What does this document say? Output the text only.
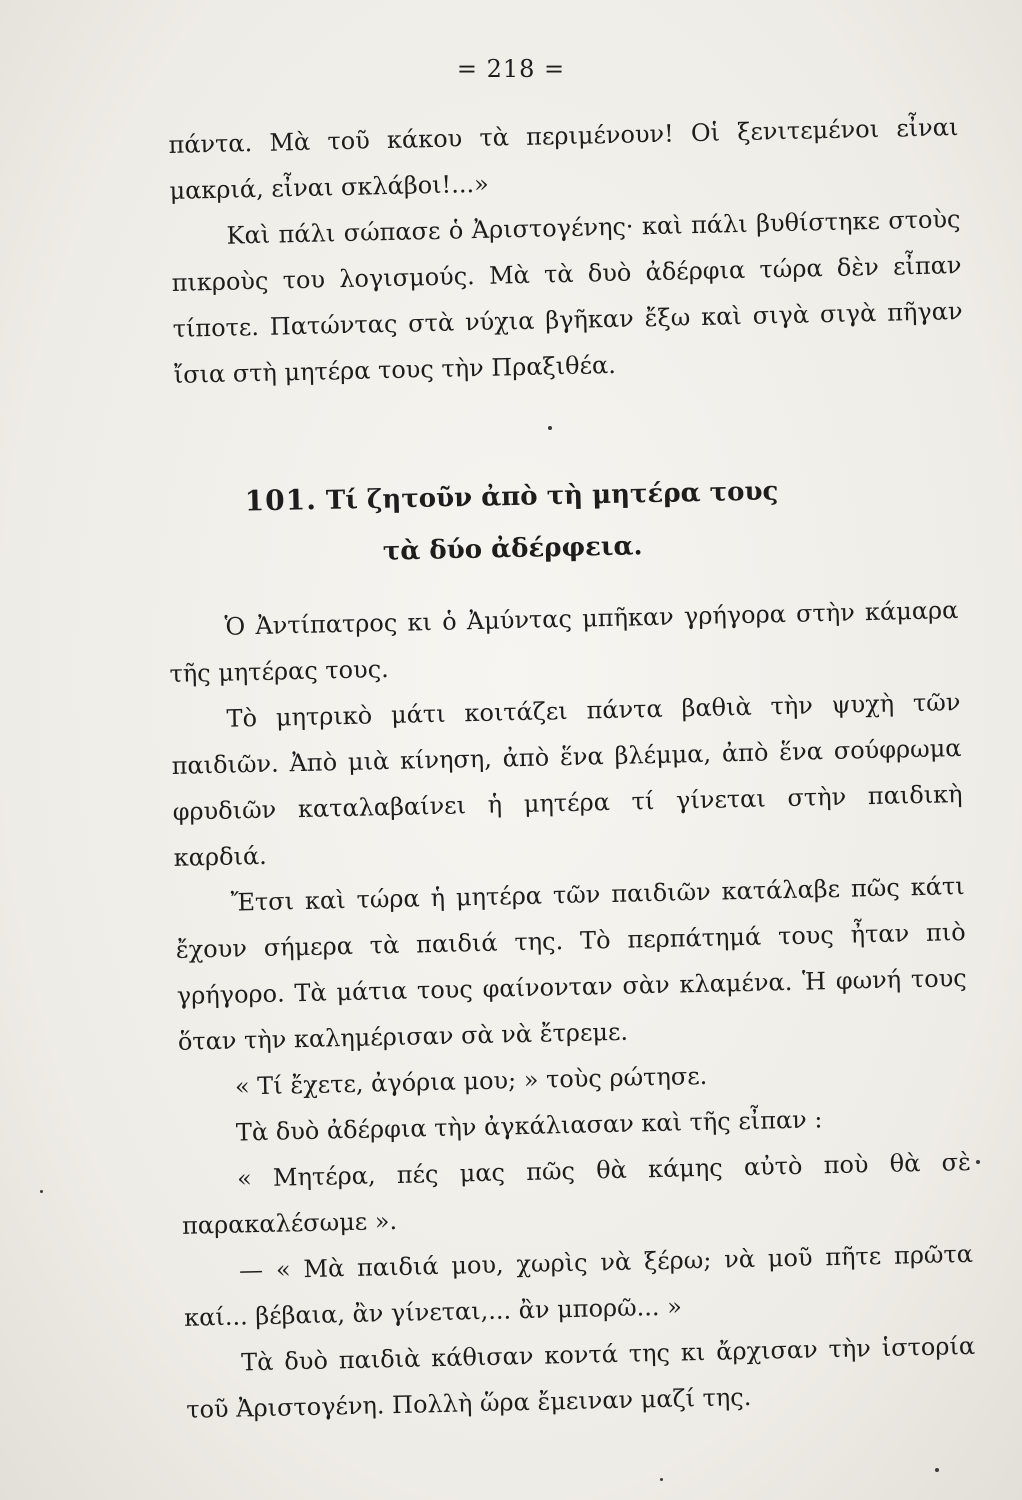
= 218 =

πάντα. Μὰ τοῦ κάκου τὰ περιμένουν! Οἱ ξενιτεμένοι εἶναι μακριά, εἶναι σκλάβοι!...»

Καὶ πάλι σώπασε ὁ Ἀριστογένης· καὶ πάλι βυθίστηκε στοὺς πικροὺς του λογισμούς. Μὰ τὰ δυὸ ἀδέρφια τώρα δὲν εἶπαν τίποτε. Πατώντας στὰ νύχια βγῆκαν ἔξω καὶ σιγὰ σιγὰ πῆγαν ἴσια στὴ μητέρα τους τὴν Πραξιθέα.

101. Τί ζητοῦν ἀπὸ τὴ μητέρα τους
τὰ δύο ἀδέρφεια.

Ὁ Ἀντίπατρος κι ὁ Ἀμύντας μπῆκαν γρήγορα στὴν κάμαρα τῆς μητέρας τους.

Τὸ μητρικὸ μάτι κοιτάζει πάντα βαθιὰ τὴν ψυχὴ τῶν παιδιῶν. Ἀπὸ μιὰ κίνηση, ἀπὸ ἕνα βλέμμα, ἀπὸ ἕνα σούφρωμα φρυδιῶν καταλαβαίνει ἡ μητέρα τί γίνεται στὴν παιδικὴ καρδιά.

Ἔτσι καὶ τώρα ἡ μητέρα τῶν παιδιῶν κατάλαβε πῶς κάτι ἔχουν σήμερα τὰ παιδιά της. Τὸ περπάτημά τους ἦταν πιὸ γρήγορο. Τὰ μάτια τους φαίνονταν σὰν κλαμένα. Ἡ φωνή τους ὅταν τὴν καλημέρισαν σὰ νὰ ἔτρεμε.

« Τί ἔχετε, ἀγόρια μου; » τοὺς ρώτησε.

Τὰ δυὸ ἀδέρφια τὴν ἀγκάλιασαν καὶ τῆς εἶπαν :

« Μητέρα, πές μας πῶς θὰ κάμης αὐτὸ ποὺ θὰ σὲ παρακαλέσωμε ».

— « Μὰ παιδιά μου, χωρὶς νὰ ξέρω; νὰ μοῦ πῆτε πρῶτα καί... βέβαια, ἂν γίνεται,... ἂν μπορῶ... »

Τὰ δυὸ παιδιὰ κάθισαν κοντά της κι ἄρχισαν τὴν ἱστορία τοῦ Ἀριστογένη. Πολλὴ ὥρα ἔμειναν μαζί της.
